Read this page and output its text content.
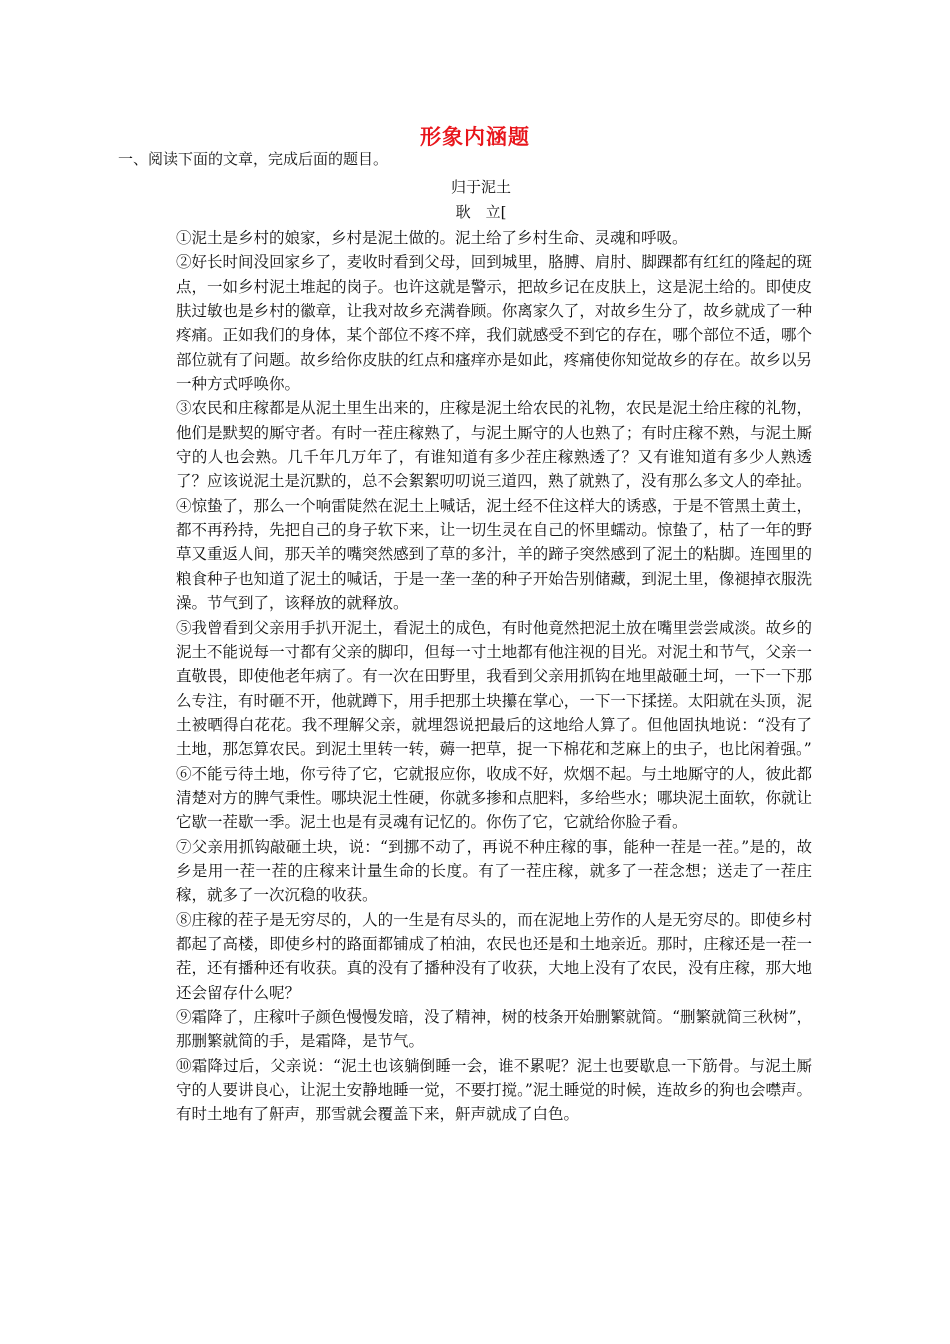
形象内涵题
一、阅读下面的文章，完成后面的题目。
归于泥土
耿　立[

①泥土是乡村的娘家，乡村是泥土做的。泥土给了乡村生命、灵魂和呼吸。

②好长时间没回家乡了，麦收时看到父母，回到城里，胳膊、肩肘、脚踝都有红红的隆起的斑点，一如乡村泥土堆起的岗子。也许这就是警示，把故乡记在皮肤上，这是泥土给的。即使皮肤过敏也是乡村的徽章，让我对故乡充满眷顾。你离家久了，对故乡生分了，故乡就成了一种疼痛。正如我们的身体，某个部位不疼不痒，我们就感受不到它的存在，哪个部位不适，哪个部位就有了问题。故乡给你皮肤的红点和瘙痒亦是如此，疼痛使你知觉故乡的存在。故乡以另一种方式呼唤你。

③农民和庄稼都是从泥土里生出来的，庄稼是泥土给农民的礼物，农民是泥土给庄稼的礼物，他们是默契的厮守者。有时一茬庄稼熟了，与泥土厮守的人也熟了；有时庄稼不熟，与泥土厮守的人也会熟。几千年几万年了，有谁知道有多少茬庄稼熟透了？又有谁知道有多少人熟透了？应该说泥土是沉默的，总不会絮絮叨叨说三道四，熟了就熟了，没有那么多文人的牵扯。

④惊蛰了，那么一个响雷陡然在泥土上喊话，泥土经不住这样大的诱惑，于是不管黑土黄土，都不再矜持，先把自己的身子软下来，让一切生灵在自己的怀里蠕动。惊蛰了，枯了一年的野草又重返人间，那天羊的嘴突然感到了草的多汁，羊的蹄子突然感到了泥土的粘脚。连囤里的粮食种子也知道了泥土的喊话，于是一垄一垄的种子开始告别储藏，到泥土里，像褪掉衣服洗澡。节气到了，该释放的就释放。

⑤我曾看到父亲用手扒开泥土，看泥土的成色，有时他竟然把泥土放在嘴里尝尝咸淡。故乡的泥土不能说每一寸都有父亲的脚印，但每一寸土地都有他注视的目光。对泥土和节气，父亲一直敬畏，即使他老年病了。有一次在田野里，我看到父亲用抓钩在地里敲砸土坷，一下一下那么专注，有时砸不开，他就蹲下，用手把那土块攥在掌心，一下一下揉搓。太阳就在头顶，泥土被晒得白花花。我不理解父亲，就埋怨说把最后的这地给人算了。但他固执地说：“没有了土地，那怎算农民。到泥土里转一转，薅一把草，捉一下棉花和芝麻上的虫子，也比闲着强。”

⑥不能亏待土地，你亏待了它，它就报应你，收成不好，炊烟不起。与土地厮守的人，彼此都清楚对方的脾气秉性。哪块泥土性硬，你就多掺和点肥料，多给些水；哪块泥土面软，你就让它歇一茬歇一季。泥土也是有灵魂有记忆的。你伤了它，它就给你脸子看。

⑦父亲用抓钩敲砸土块，说：“到挪不动了，再说不种庄稼的事，能种一茬是一茬。”是的，故乡是用一茬一茬的庄稼来计量生命的长度。有了一茬庄稼，就多了一茬念想；送走了一茬庄稼，就多了一次沉稳的收获。

⑧庄稼的茬子是无穷尽的，人的一生是有尽头的，而在泥地上劳作的人是无穷尽的。即使乡村都起了高楼，即使乡村的路面都铺成了柏油，农民也还是和土地亲近。那时，庄稼还是一茬一茬，还有播种还有收获。真的没有了播种没有了收获，大地上没有了农民，没有庄稼，那大地还会留存什么呢？

⑨霜降了，庄稼叶子颜色慢慢发暗，没了精神，树的枝条开始删繁就简。“删繁就简三秋树”，那删繁就简的手，是霜降，是节气。

⑩霜降过后，父亲说：“泥土也该躺倒睡一会，谁不累呢？泥土也要歇息一下筋骨。与泥土厮守的人要讲良心，让泥土安静地睡一觉，不要打搅。”泥土睡觉的时候，连故乡的狗也会噤声。有时土地有了鼾声，那雪就会覆盖下来，鼾声就成了白色。
